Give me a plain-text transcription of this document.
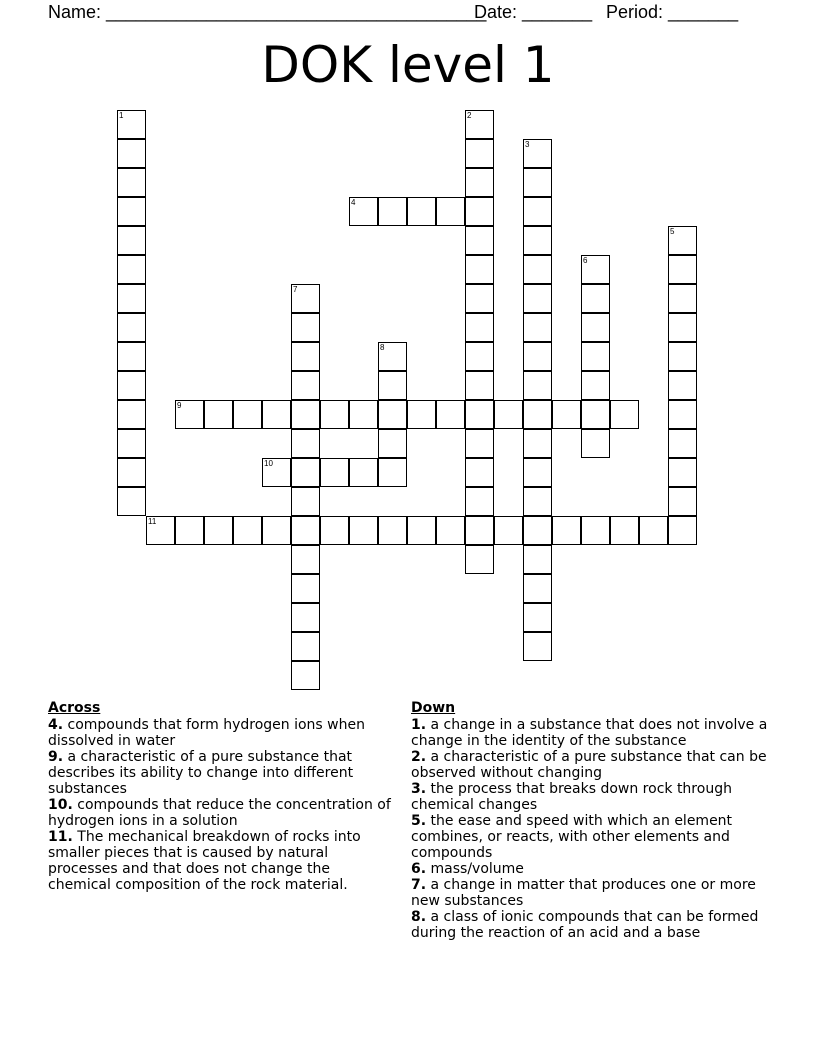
Name: ______________________________________
Date: _______ Period: _______
DOK level 1
1	2
3
4
5
6
7
8
9
10
11
Across

4. compounds that form hydrogen ions when dissolved in water

9. a characteristic of a pure substance that describes its ability to change into different substances

10. compounds that reduce the concentration of hydrogen ions in a solution

11. The mechanical breakdown of rocks into smaller pieces that is caused by natural processes and that does not change the chemical composition of the rock material.

Down

1. a change in a substance that does not involve a change in the identity of the substance

2. a characteristic of a pure substance that can be observed without changing

3. the process that breaks down rock through chemical changes

5. the ease and speed with which an element combines, or reacts, with other elements and compounds

6. mass/volume

7. a change in matter that produces one or more new substances

8. a class of ionic compounds that can be formed during the reaction of an acid and a base
